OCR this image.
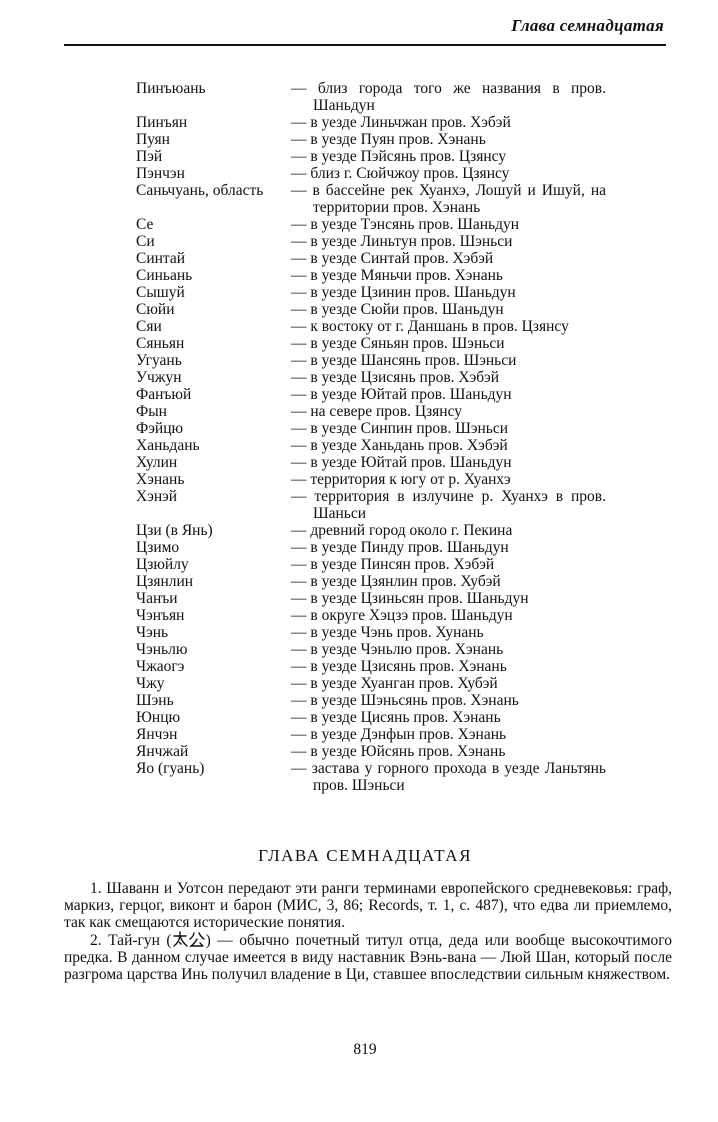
Глава семнадцатая
Пинъюань	— близ города того же названия в пров. Шаньдун
Пинъян	— в уезде Линьчжан пров. Хэбэй
Пуян	— в уезде Пуян пров. Хэнань
Пэй	— в уезде Пэйсянь пров. Цзянсу
Пэнчэн	— близ г. Сюйчжоу пров. Цзянсу
Саньчуань, область	— в бассейне рек Хуанхэ, Лошуй и Ишуй, на территории пров. Хэнань
Се	— в уезде Тэнсянь пров. Шаньдун
Си	— в уезде Линьтун пров. Шэньси
Синтай	— в уезде Синтай пров. Хэбэй
Синьань	— в уезде Мяньчи пров. Хэнань
Сышуй	— в уезде Цзинин пров. Шаньдун
Сюйи	— в уезде Сюйи пров. Шаньдун
Сяи	— к востоку от г. Даншань в пров. Цзянсу
Сяньян	— в уезде Сяньян пров. Шэньси
Угуань	— в уезде Шансянь пров. Шэньси
Учжун	— в уезде Цзисянь пров. Хэбэй
Фанъюй	— в уезде Юйтай пров. Шаньдун
Фын	— на севере пров. Цзянсу
Фэйцю	— в уезде Синпин пров. Шэньси
Ханьдань	— в уезде Ханьдань пров. Хэбэй
Хулин	— в уезде Юйтай пров. Шаньдун
Хэнань	— территория к югу от р. Хуанхэ
Хэнэй	— территория в излучине р. Хуанхэ в пров. Шаньси
Цзи (в Янь)	— древний город около г. Пекина
Цзимо	— в уезде Пинду пров. Шаньдун
Цзюйлу	— в уезде Пинсян пров. Хэбэй
Цзянлин	— в уезде Цзянлин пров. Хубэй
Чанъи	— в уезде Цзиньсян пров. Шаньдун
Чэнъян	— в округе Хэцзэ пров. Шаньдун
Чэнь	— в уезде Чэнь пров. Хунань
Чэньлю	— в уезде Чэньлю пров. Хэнань
Чжаогэ	— в уезде Цзисянь пров. Хэнань
Чжу	— в уезде Хуанган пров. Хубэй
Шэнь	— в уезде Шэньсянь пров. Хэнань
Юнцю	— в уезде Цисянь пров. Хэнань
Янчэн	— в уезде Дэнфын пров. Хэнань
Янчжай	— в уезде Юйсянь пров. Хэнань
Яо (гуань)	— застава у горного прохода в уезде Ланьтянь пров. Шэньси
ГЛАВА СЕМНАДЦАТАЯ

1. Шаванн и Уотсон передают эти ранги терминами европейского средневековья: граф, маркиз, герцог, виконт и барон (МИС, 3, 86; Records, т. 1, с. 487), что едва ли приемлемо, так как смещаются исторические понятия.

2. Тай-гун ( ) — обычно почетный титул отца, деда или вообще высокочтимого предка. В данном случае имеется в виду наставник Вэнь-вана — Люй Шан, который после разгрома царства Инь получил владение в Ци, ставшее впоследствии сильным княжеством.

819
